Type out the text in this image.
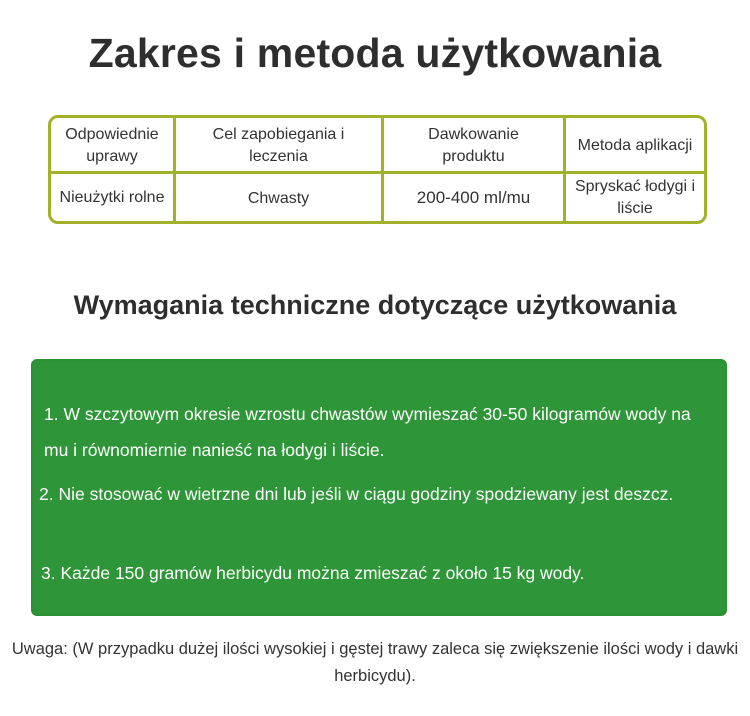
Zakres i metoda użytkowania
Odpowiednie uprawy
Cel zapobiegania i leczenia
Dawkowanie produktu
Metoda aplikacji
Nieużytki rolne	Chwasty	200-400 ml/mu
Spryskać łodygi i liście
Wymagania techniczne dotyczące użytkowania
1. W szczytowym okresie wzrostu chwastów wymieszać 30-50 kilogramów wody na mu i równomiernie nanieść na łodygi i liście.
2. Nie stosować w wietrzne dni lub jeśli w ciągu godziny spodziewany jest deszcz.
3. Każde 150 gramów herbicydu można zmieszać z około 15 kg wody.
Uwaga: (W przypadku dużej ilości wysokiej i gęstej trawy zaleca się zwiększenie ilości wody i dawki herbicydu).
